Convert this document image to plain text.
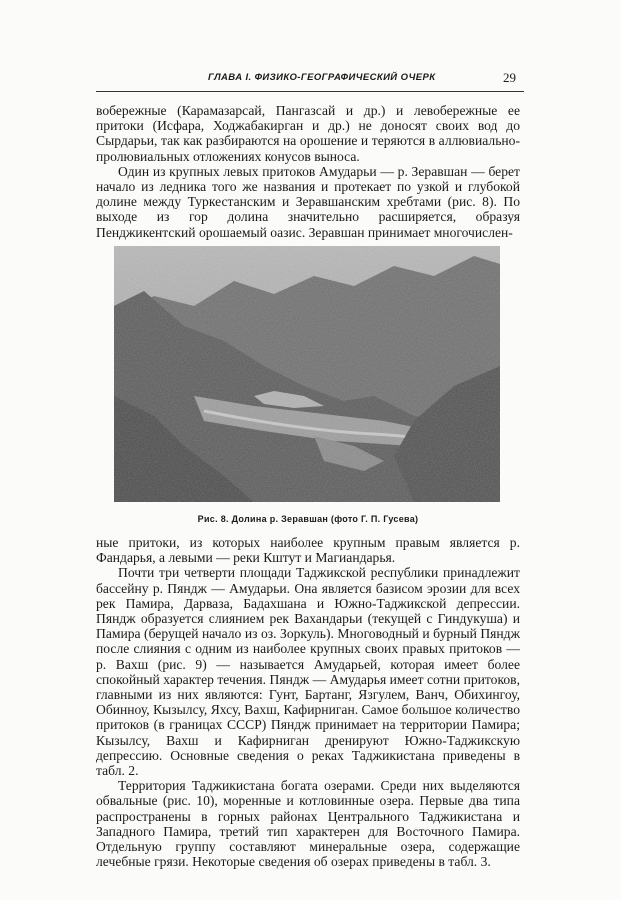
ГЛАВА I. ФИЗИКО-ГЕОГРАФИЧЕСКИЙ ОЧЕРК	29

вобережные (Карамазарсай, Пангазсай и др.) и левобережные ее притоки (Исфара, Ходжабакирган и др.) не доносят своих вод до Сырдарьи, так как разбираются на орошение и теряются в аллювиально-пролювиальных отложениях конусов выноса.

Один из крупных левых притоков Амударьи — р. Зеравшан — берет начало из ледника того же названия и протекает по узкой и глубокой долине между Туркестанским и Зеравшанским хребтами (рис. 8). По выходе из гор долина значительно расширяется, образуя Пенджикентский орошаемый оазис. Зеравшан принимает многочислен-

Рис. 8. Долина р. Зеравшан (фото Г. П. Гусева)

ные притоки, из которых наиболее крупным правым является р. Фандарья, а левыми — реки Кштут и Магиандарья.

Почти три четверти площади Таджикской республики принадлежит бассейну р. Пяндж — Амударьи. Она является базисом эрозии для всех рек Памира, Дарваза, Бадахшана и Южно-Таджикской депрессии. Пяндж образуется слиянием рек Вахандарьи (текущей с Гиндукуша) и Памира (берущей начало из оз. Зоркуль). Многоводный и бурный Пяндж после слияния с одним из наиболее крупных своих правых притоков — р. Вахш (рис. 9) — называется Амударьей, которая имеет более спокойный характер течения. Пяндж — Амударья имеет сотни притоков, главными из них являются: Гунт, Бартанг, Язгулем, Ванч, Обихингоу, Обинноу, Кызылсу, Яхсу, Вахш, Кафирниган. Самое большое количество притоков (в границах СССР) Пяндж принимает на территории Памира; Кызылсу, Вахш и Кафирниган дренируют Южно-Таджикскую депрессию. Основные сведения о реках Таджикистана приведены в табл. 2.

Территория Таджикистана богата озерами. Среди них выделяются обвальные (рис. 10), моренные и котловинные озера. Первые два типа распространены в горных районах Центрального Таджикистана и Западного Памира, третий тип характерен для Восточного Памира. Отдельную группу составляют минеральные озера, содержащие лечебные грязи. Некоторые сведения об озерах приведены в табл. 3.
